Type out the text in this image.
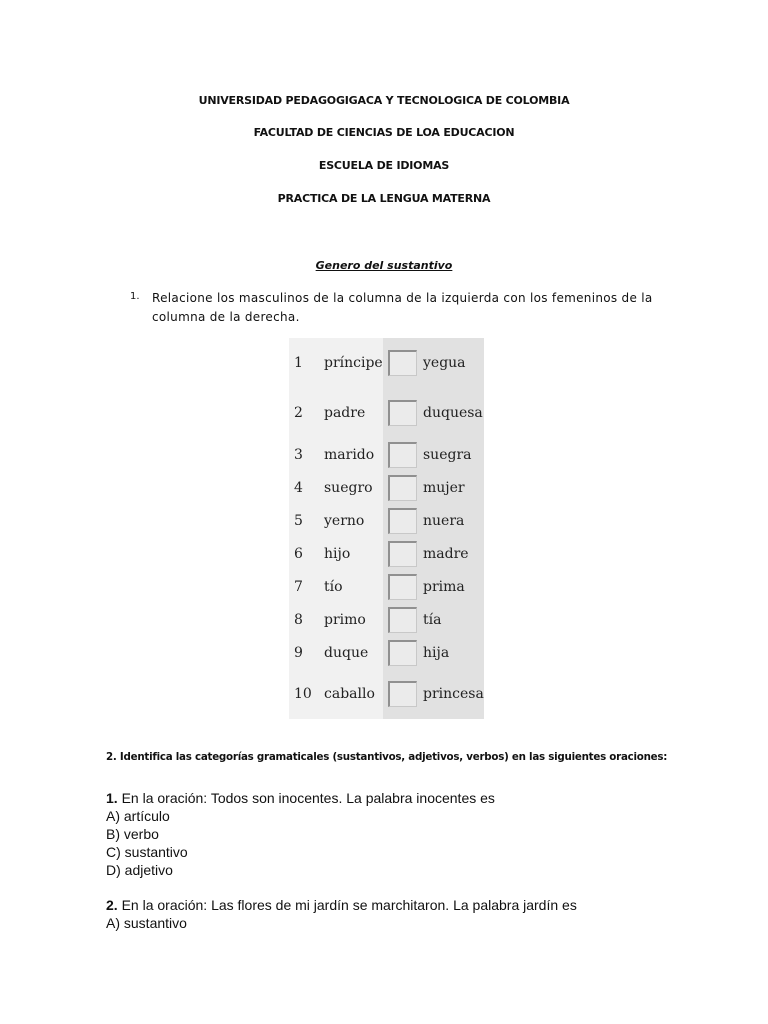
UNIVERSIDAD PEDAGOGIGACA Y TECNOLOGICA DE COLOMBIA
FACULTAD DE CIENCIAS DE LOA EDUCACION
ESCUELA DE IDIOMAS
PRACTICA DE LA LENGUA MATERNA
Genero del sustantivo
1. Relacione los masculinos de la columna de la izquierda con los femeninos de la columna de la derecha.
1	príncipe		yegua
2	padre		duquesa
3	marido		suegra
4	suegro		mujer
5	yerno		nuera
6	hijo		madre
7	tío		prima
8	primo		tía
9	duque		hija
10	caballo		princesa
2. Identifica las categorías gramaticales (sustantivos, adjetivos, verbos) en las siguientes oraciones:
1. En la oración: Todos son inocentes. La palabra inocentes es
A) artículo
B) verbo
C) sustantivo
D) adjetivo
2. En la oración: Las flores de mi jardín se marchitaron. La palabra jardín es
A) sustantivo
